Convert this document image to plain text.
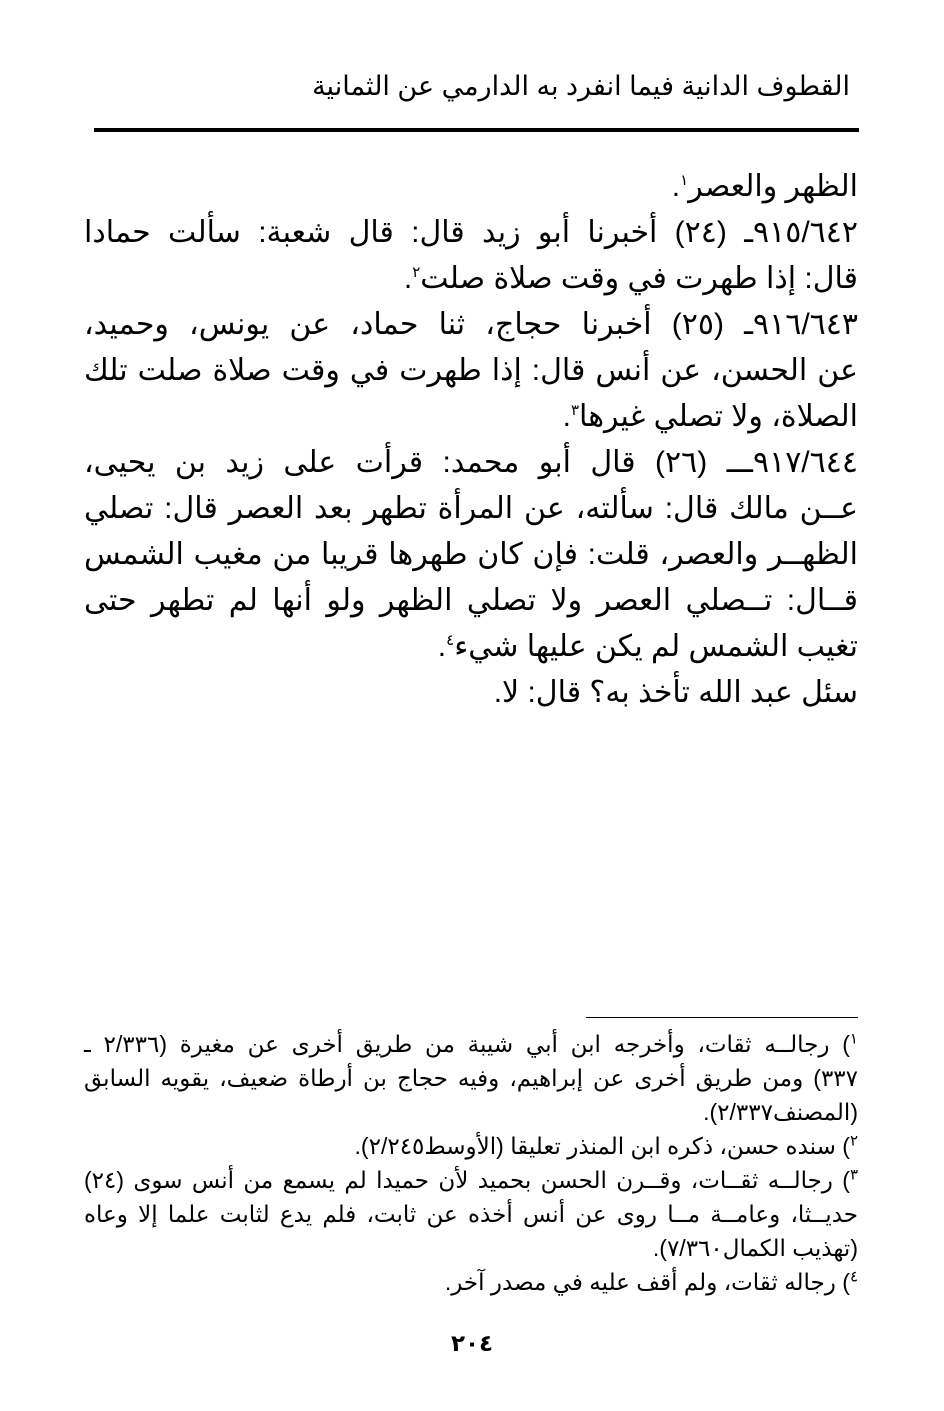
القطوف الدانية فيما انفرد به الدارمي عن الثمانية
الظهر والعصر$^١$.
٩١٥/٦٤٢ـ (٢٤) أخبرنا أبو زيد قال: قال شعبة: سألت حمادا
قال: إذا طهرت في وقت صلاة صلت$^٢$.
٩١٦/٦٤٣ـ (٢٥) أخبرنا حجاج، ثنا حماد، عن يونس، وحميد،
عن الحسن، عن أنس قال: إذا طهرت في وقت صلاة صلت تلك
الصلاة، ولا تصلي غيرها$^٣$.
٩١٧/٦٤٤ـــ (٢٦) قال أبو محمد: قرأت على زيد بن يحيى،
عــن مالك قال: سألته، عن المرأة تطهر بعد العصر قال: تصلي
الظهــر والعصر، قلت: فإن كان طهرها قريبا من مغيب الشمس
قــال: تــصلي العصر ولا تصلي الظهر ولو أنها لم تطهر حتى
تغيب الشمس لم يكن عليها شيء$^٤$.
سئل عبد الله تأخذ به؟ قال: لا.
$^١$) رجالــه ثقات، وأخرجه ابن أبي شيبة من طريق أخرى عن مغيرة (٢/٣٣٦ ـ
٣٣٧) ومن طريق أخرى عن إبراهيم، وفيه حجاج بن أرطاة ضعيف، يقويه السابق
(المصنف٢/٣٣٧).
$^٢$) سنده حسن، ذكره ابن المنذر تعليقا (الأوسط٢/٢٤٥).
$^٣$) رجالــه ثقــات، وقــرن الحسن بحميد لأن حميدا لم يسمع من أنس سوى (٢٤)
حديــثا، وعامــة مــا روى عن أنس أخذه عن ثابت، فلم يدع لثابت علما إلا وعاه
(تهذيب الكمال٧/٣٦٠).
$^٤$) رجاله ثقات، ولم أقف عليه في مصدر آخر.
٢٠٤
